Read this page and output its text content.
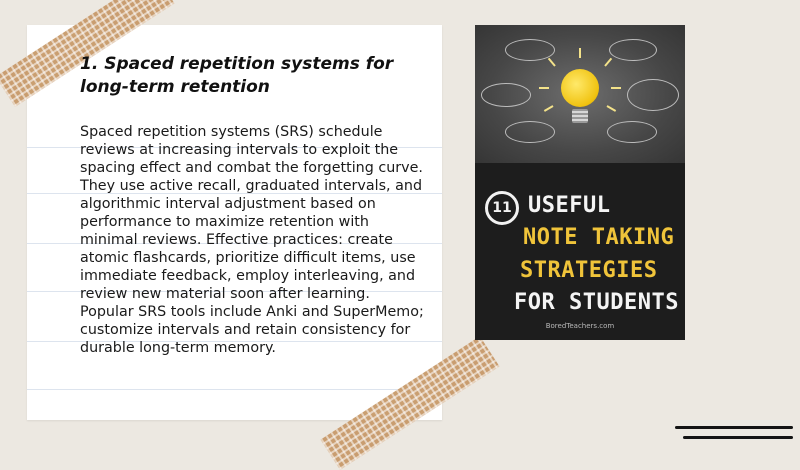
1. Spaced repetition systems for long-term retention
Spaced repetition systems (SRS) schedule reviews at increasing intervals to exploit the spacing effect and combat the forgetting curve. They use active recall, graduated intervals, and algorithmic interval adjustment based on performance to maximize retention with minimal reviews. Effective practices: create atomic flashcards, prioritize difficult items, use immediate feedback, employ interleaving, and review new material soon after learning. Popular SRS tools include Anki and SuperMemo; customize intervals and retain consistency for durable long-term memory.
11 USEFUL
NOTE TAKING
STRATEGIES
FOR STUDENTS
BoredTeachers.com
